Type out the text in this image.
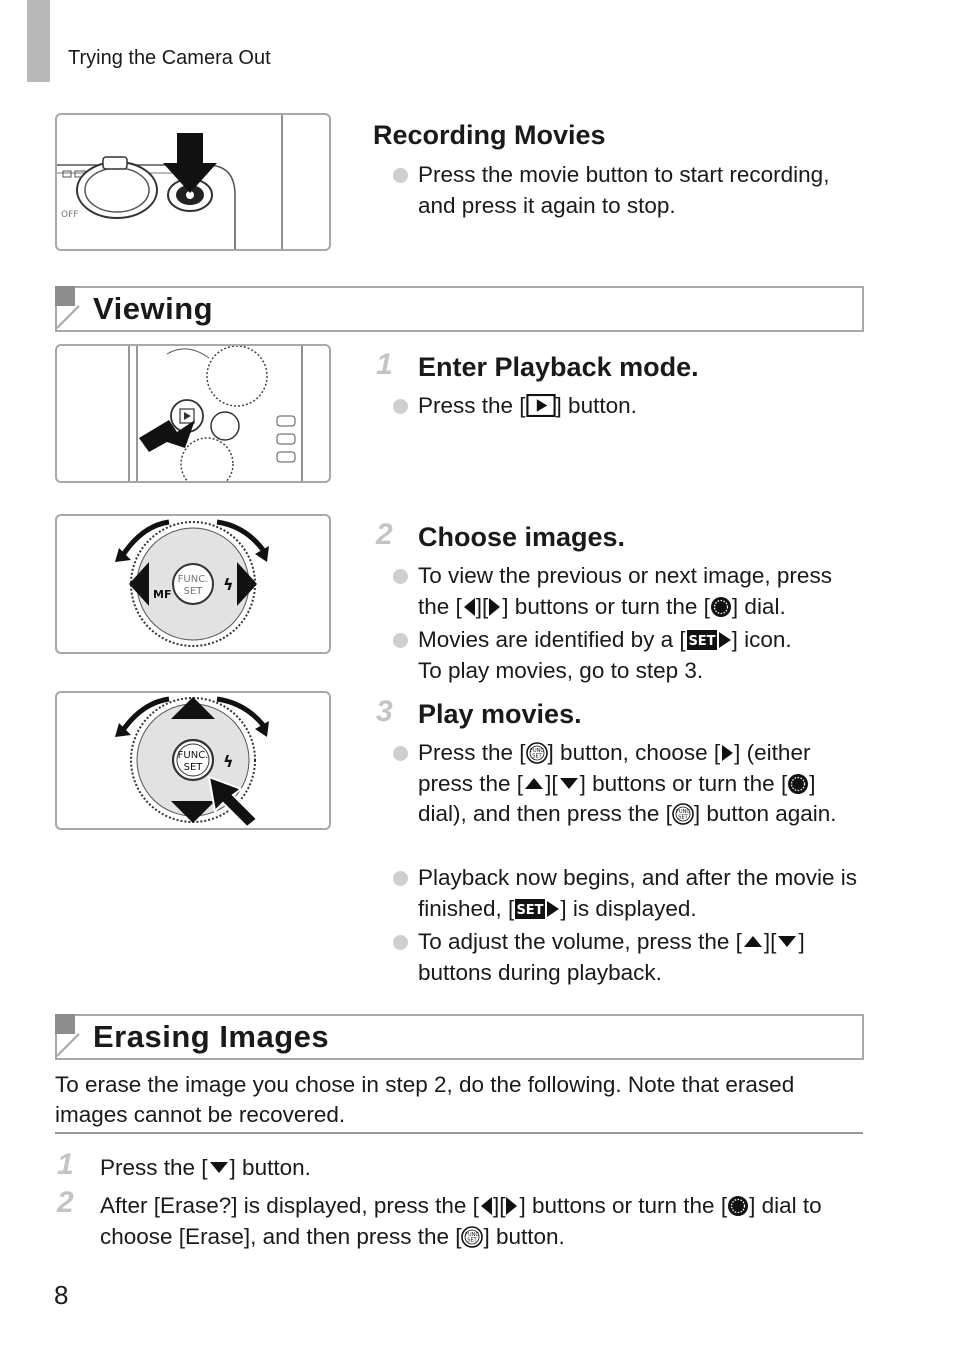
Trying the Camera Out
OFF
Recording Movies
Press the movie button to start recording, and press it again to stop.
Viewing
1 Enter Playback mode.
Press the [ ] button.
FUNC.
SET
MF
ϟ
2 Choose images.
To view the previous or next image, press the [ ][ ] buttons or turn the [ ] dial.
Movies are identified by a [ ] icon.
To play movies, go to step 3.
FUNC.
SET ϟ
3 Play movies.
Press the [ ] button, choose [ ] (either press the [ ][ ] buttons or turn the [ ] dial), and then press the [ ] button again.
Playback now begins, and after the movie is finished, [ ] is displayed.
To adjust the volume, press the [ ][ ] buttons during playback.
Erasing Images
To erase the image you chose in step 2, do the following. Note that erased images cannot be recovered.
1 Press the [ ] button.
2 After [Erase?] is displayed, press the [ ][ ] buttons or turn the [ ] dial to choose [Erase], and then press the [ ] button.
8
